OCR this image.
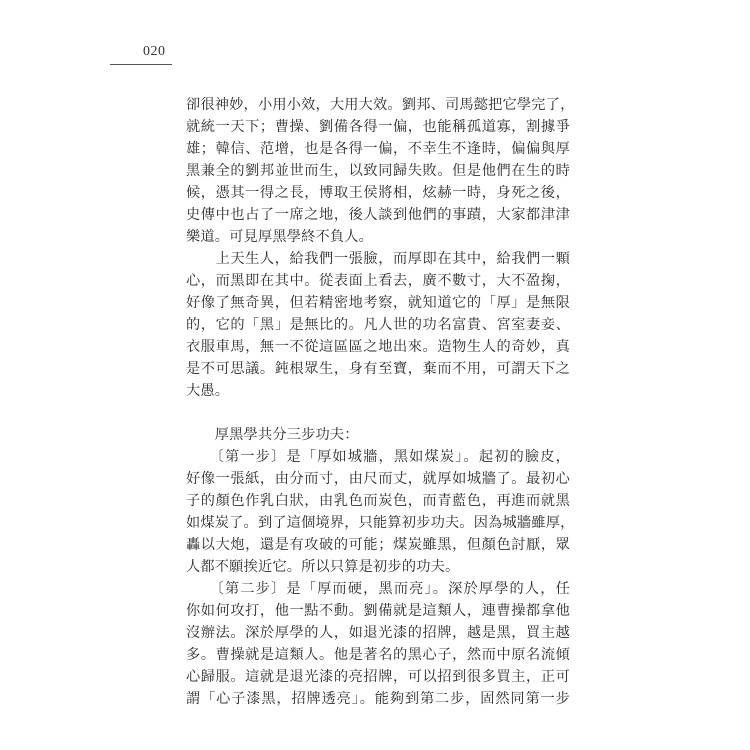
020
卻很神妙，小用小效，大用大效。劉邦、司馬懿把它學完了，
就統一天下；曹操、劉備各得一偏，也能稱孤道寡，割據爭
雄；韓信、范增，也是各得一偏，不幸生不逢時，偏偏與厚
黑兼全的劉邦並世而生，以致同歸失敗。但是他們在生的時
候，憑其一得之長，博取王侯將相，炫赫一時，身死之後，
史傳中也占了一席之地，後人談到他們的事蹟，大家都津津
樂道。可見厚黑學終不負人。
　　上天生人，給我們一張臉，而厚即在其中，給我們一顆
心，而黑即在其中。從表面上看去，廣不數寸，大不盈掬，
好像了無奇異，但若精密地考察，就知道它的「厚」是無限
的，它的「黑」是無比的。凡人世的功名富貴、宮室妻妾、
衣服車馬，無一不從這區區之地出來。造物生人的奇妙，真
是不可思議。鈍根眾生，身有至寶，棄而不用，可謂天下之
大愚。
　　厚黑學共分三步功夫：
　　〔第一步〕是「厚如城牆，黑如煤炭」。起初的臉皮，
好像一張紙，由分而寸，由尺而丈，就厚如城牆了。最初心
子的顏色作乳白狀，由乳色而炭色，而青藍色，再進而就黑
如煤炭了。到了這個境界，只能算初步功夫。因為城牆雖厚，
轟以大炮，還是有攻破的可能；煤炭雖黑，但顏色討厭，眾
人都不願挨近它。所以只算是初步的功夫。
　　〔第二步〕是「厚而硬，黑而亮」。深於厚學的人，任
你如何攻打，他一點不動。劉備就是這類人，連曹操都拿他
沒辦法。深於厚學的人，如退光漆的招牌，越是黑，買主越
多。曹操就是這類人。他是著名的黑心子，然而中原名流傾
心歸服。這就是退光漆的亮招牌，可以招到很多買主，正可
謂「心子漆黑，招牌透亮」。能夠到第二步，固然同第一步
